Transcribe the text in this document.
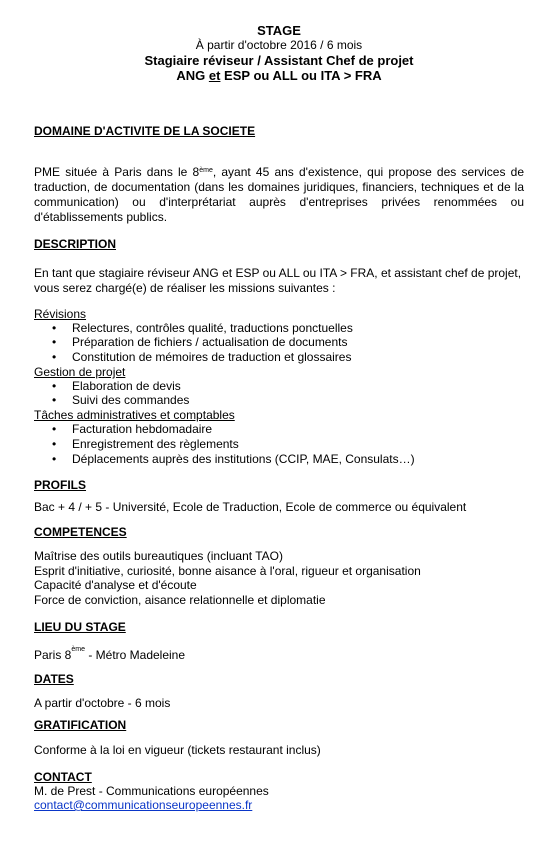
STAGE
À partir d'octobre 2016 / 6 mois
Stagiaire réviseur / Assistant Chef de projet
ANG et ESP ou ALL ou ITA > FRA
DOMAINE D'ACTIVITE DE LA SOCIETE
PME située à Paris dans le 8ème, ayant 45 ans d'existence, qui propose des services de traduction, de documentation (dans les domaines juridiques, financiers, techniques et de la communication) ou d'interprétariat auprès d'entreprises privées renommées ou d'établissements publics.
DESCRIPTION
En tant que stagiaire réviseur ANG et ESP ou ALL ou ITA > FRA, et assistant chef de projet, vous serez chargé(e) de réaliser les missions suivantes :
Révisions
• Relectures, contrôles qualité, traductions ponctuelles
• Préparation de fichiers / actualisation de documents
• Constitution de mémoires de traduction et glossaires
Gestion de projet
• Elaboration de devis
• Suivi des commandes
Tâches administratives et comptables
• Facturation hebdomadaire
• Enregistrement des règlements
• Déplacements auprès des institutions (CCIP, MAE, Consulats…)
PROFILS
Bac + 4 / + 5 - Université, Ecole de Traduction, Ecole de commerce ou équivalent
COMPETENCES
Maîtrise des outils bureautiques (incluant TAO)
Esprit d'initiative, curiosité, bonne aisance à l'oral, rigueur et organisation
Capacité d'analyse et d'écoute
Force de conviction, aisance relationnelle et diplomatie
LIEU DU STAGE
Paris 8ème - Métro Madeleine
DATES
A partir d'octobre - 6 mois
GRATIFICATION
Conforme à la loi en vigueur (tickets restaurant inclus)
CONTACT
M. de Prest - Communications européennes
contact@communicationseuropeennes.fr
